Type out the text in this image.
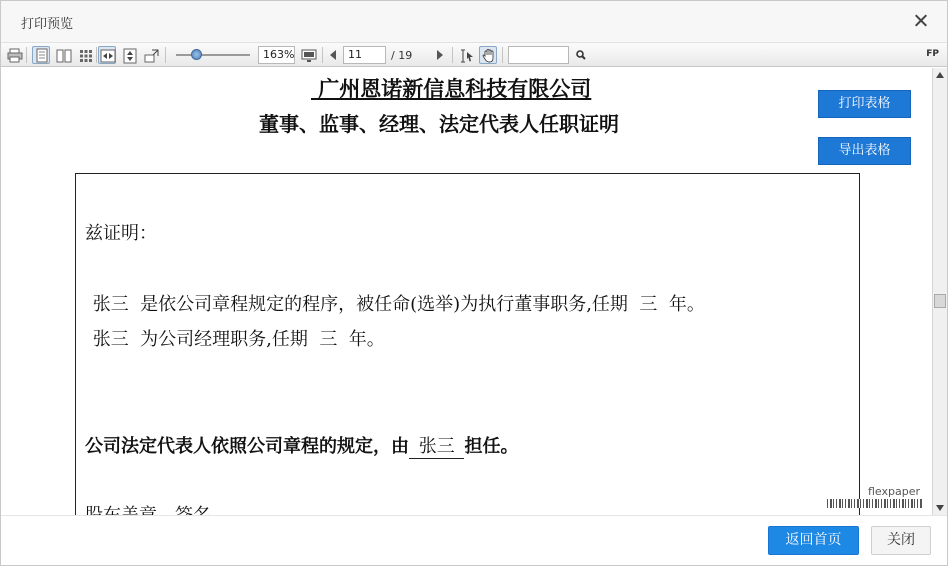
打印预览
163%	11	/ 19	FP
广州恩诺新信息科技有限公司
董事、监事、经理、法定代表人任职证明
打印表格
导出表格
兹证明：
张三  是依公司章程规定的程序，被任命(选举)为执行董事职务,任期  三  年。
张三  为公司经理职务,任期  三  年。
公司法定代表人依照公司章程的规定，由 张三 担任。
flexpaper
返回首页	关闭
